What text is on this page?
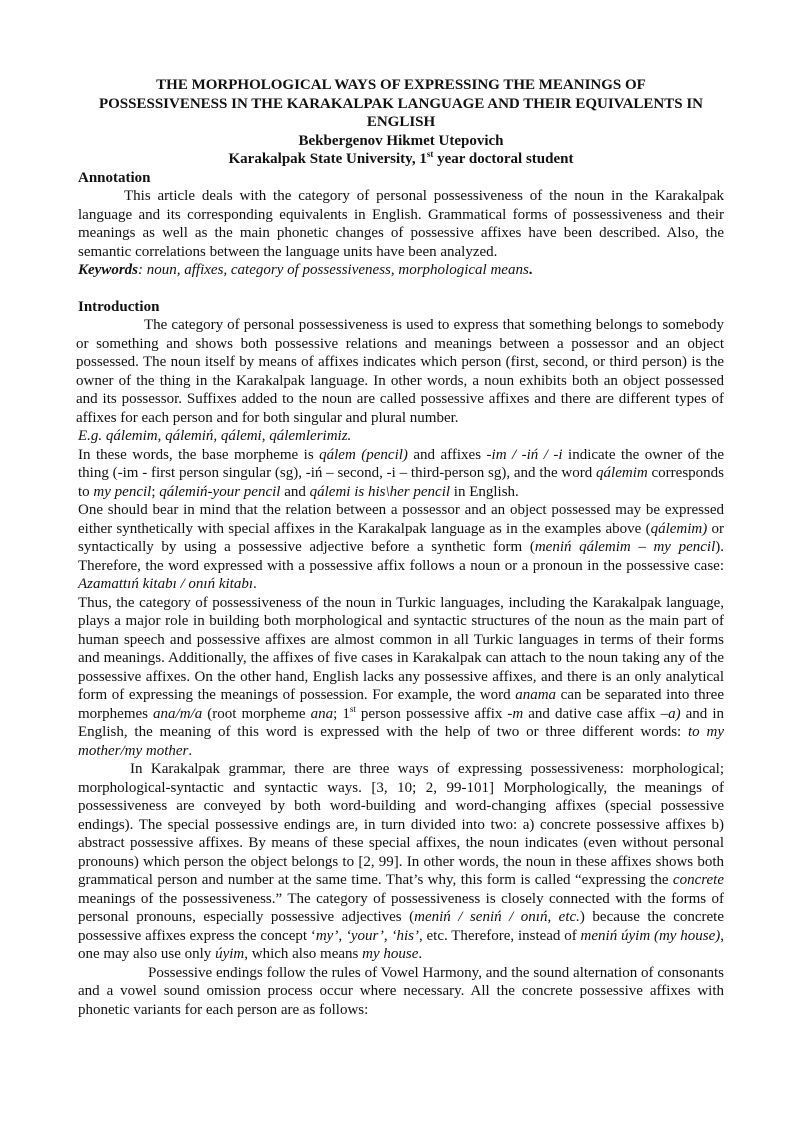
THE MORPHOLOGICAL WAYS OF EXPRESSING THE MEANINGS OF
POSSESSIVENESS IN THE KARAKALPAK LANGUAGE AND THEIR EQUIVALENTS IN
ENGLISH
Bekbergenov Hikmet Utepovich
Karakalpak State University, 1st year doctoral student
Annotation

This article deals with the category of personal possessiveness of the noun in the Karakalpak language and its corresponding equivalents in English. Grammatical forms of possessiveness and their meanings as well as the main phonetic changes of possessive affixes have been described. Also, the semantic correlations between the language units have been analyzed.

Keywords: noun, affixes, category of possessiveness, morphological means.

Introduction

The category of personal possessiveness is used to express that something belongs to somebody or something and shows both possessive relations and meanings between a possessor and an object possessed. The noun itself by means of affixes indicates which person (first, second, or third person) is the owner of the thing in the Karakalpak language. In other words, a noun exhibits both an object possessed and its possessor. Suffixes added to the noun are called possessive affixes and there are different types of affixes for each person and for both singular and plural number.

E.g. qálemim, qálemiń, qálemi, qálemlerimiz.

In these words, the base morpheme is qálem (pencil) and affixes -im / -iń / -i indicate the owner of the thing (-im - first person singular (sg), -iń – second, -i – third-person sg), and the word qálemim corresponds to my pencil; qálemiń-your pencil and qálemi is his\her pencil in English.

One should bear in mind that the relation between a possessor and an object possessed may be expressed either synthetically with special affixes in the Karakalpak language as in the examples above (qálemim) or syntactically by using a possessive adjective before a synthetic form (meniń qálemim – my pencil). Therefore, the word expressed with a possessive affix follows a noun or a pronoun in the possessive case: Azamattıń kitabı / onıń kitabı.

Thus, the category of possessiveness of the noun in Turkic languages, including the Karakalpak language, plays a major role in building both morphological and syntactic structures of the noun as the main part of human speech and possessive affixes are almost common in all Turkic languages in terms of their forms and meanings. Additionally, the affixes of five cases in Karakalpak can attach to the noun taking any of the possessive affixes. On the other hand, English lacks any possessive affixes, and there is an only analytical form of expressing the meanings of possession. For example, the word anama can be separated into three morphemes ana/m/a (root morpheme ana; 1st person possessive affix -m and dative case affix –a) and in English, the meaning of this word is expressed with the help of two or three different words: to my mother/my mother.

In Karakalpak grammar, there are three ways of expressing possessiveness: morphological; morphological-syntactic and syntactic ways. [3, 10; 2, 99-101] Morphologically, the meanings of possessiveness are conveyed by both word-building and word-changing affixes (special possessive endings). The special possessive endings are, in turn divided into two: a) concrete possessive affixes b) abstract possessive affixes. By means of these special affixes, the noun indicates (even without personal pronouns) which person the object belongs to [2, 99]. In other words, the noun in these affixes shows both grammatical person and number at the same time. That’s why, this form is called “expressing the concrete meanings of the possessiveness.” The category of possessiveness is closely connected with the forms of personal pronouns, especially possessive adjectives (meniń / seniń / onıń, etc.) because the concrete possessive affixes express the concept ‘my’, ‘your’, ‘his’, etc. Therefore, instead of meniń úyim (my house), one may also use only úyim, which also means my house.

Possessive endings follow the rules of Vowel Harmony, and the sound alternation of consonants and a vowel sound omission process occur where necessary. All the concrete possessive affixes with phonetic variants for each person are as follows:
